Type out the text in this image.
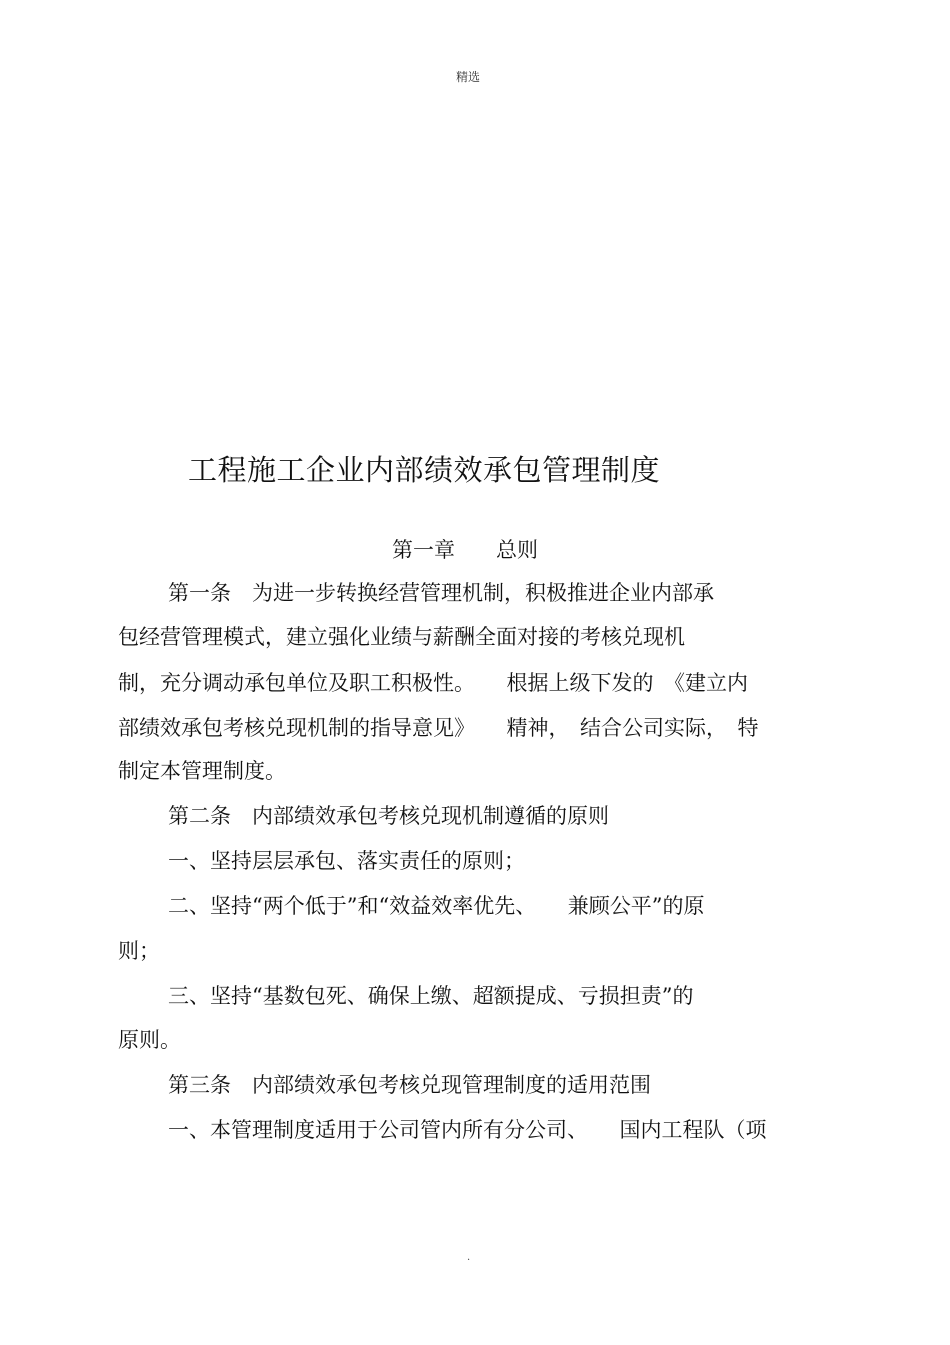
精选
工程施工企业内部绩效承包管理制度
第一章 总则
第一条　为进一步转换经营管理机制，积极推进企业内部承
包经营管理模式，建立强化业绩与薪酬全面对接的考核兑现机
制，充分调动承包单位及职工积极性。　　根据上级下发的　《建立内
部绩效承包考核兑现机制的指导意见》　　精神，　结合公司实际，　特
制定本管理制度。
第二条　内部绩效承包考核兑现机制遵循的原则
一、坚持层层承包、落实责任的原则；
二、坚持“两个低于”和“效益效率优先、　　兼顾公平”的原
则；
三、坚持“基数包死、确保上缴、超额提成、亏损担责”的
原则。
第三条　内部绩效承包考核兑现管理制度的适用范围
一、本管理制度适用于公司管内所有分公司、　　国内工程队（项
.
